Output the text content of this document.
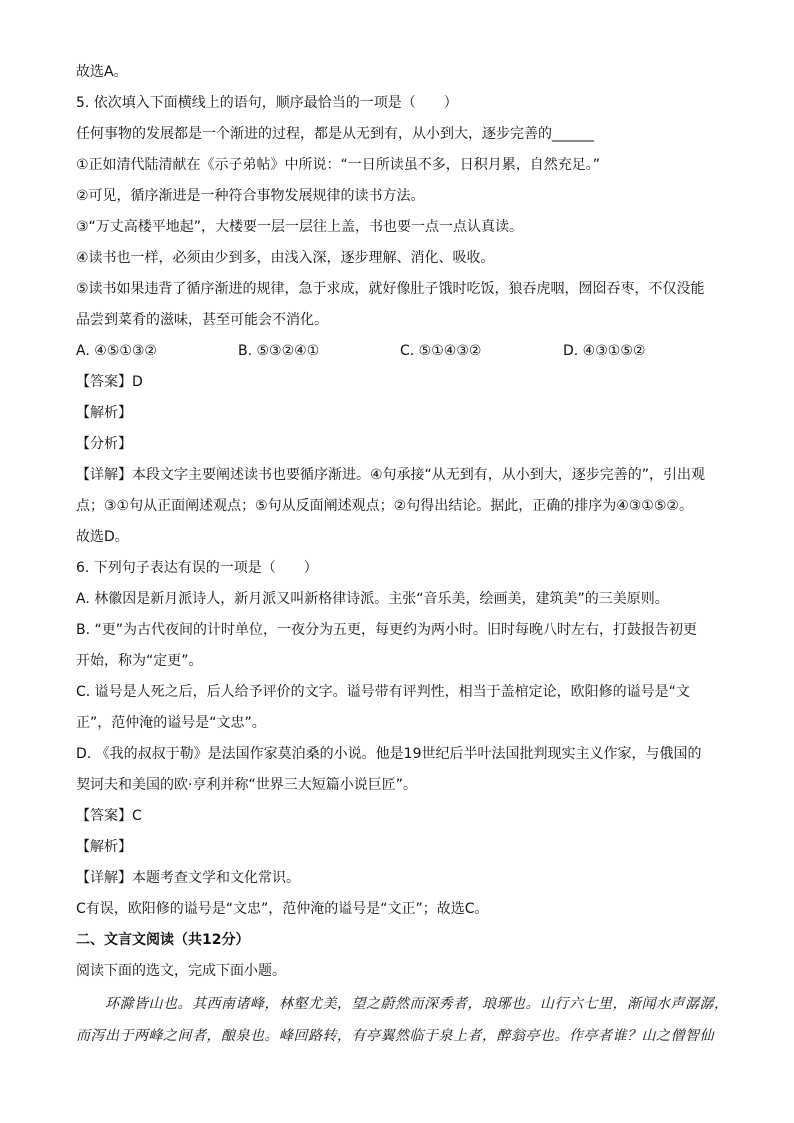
故选A。
5. 依次填入下面横线上的语句，顺序最恰当的一项是（　　）
任何事物的发展都是一个渐进的过程，都是从无到有，从小到大，逐步完善的______
①正如清代陆清献在《示子弟帖》中所说：“一日所读虽不多，日积月累，自然充足。”
②可见，循序渐进是一种符合事物发展规律的读书方法。
③“万丈高楼平地起”，大楼要一层一层往上盖，书也要一点一点认真读。
④读书也一样，必须由少到多，由浅入深，逐步理解、消化、吸收。
⑤读书如果违背了循序渐进的规律，急于求成，就好像肚子饿时吃饭，狼吞虎咽，囫囵吞枣，不仅没能
品尝到菜肴的滋味，甚至可能会不消化。
A. ④⑤①③②	B. ⑤③②④①	C. ⑤①④③②	D. ④③①⑤②
【答案】D
【解析】
【分析】
【详解】本段文字主要阐述读书也要循序渐进。④句承接“从无到有，从小到大，逐步完善的”，引出观
点；③①句从正面阐述观点；⑤句从反面阐述观点；②句得出结论。据此，正确的排序为④③①⑤②。
故选D。
6. 下列句子表达有误的一项是（　　）
A. 林徽因是新月派诗人，新月派又叫新格律诗派。主张“音乐美，绘画美，建筑美”的三美原则。
B. “更”为古代夜间的计时单位，一夜分为五更，每更约为两小时。旧时每晚八时左右，打鼓报告初更
开始，称为“定更”。
C. 谥号是人死之后，后人给予评价的文字。谥号带有评判性，相当于盖棺定论，欧阳修的谥号是“文
正”，范仲淹的谥号是“文忠”。
D. 《我的叔叔于勒》是法国作家莫泊桑的小说。他是19世纪后半叶法国批判现实主义作家，与俄国的
契诃夫和美国的欧·亨利并称“世界三大短篇小说巨匠”。
【答案】C
【解析】
【详解】本题考查文学和文化常识。
C有误，欧阳修的谥号是“文忠”，范仲淹的谥号是“文正”；故选C。
二、文言文阅读（共12分）
阅读下面的选文，完成下面小题。
　　环滁皆山也。其西南诸峰，林壑尤美，望之蔚然而深秀者，琅琊也。山行六七里，渐闻水声潺潺，
而泻出于两峰之间者，酿泉也。峰回路转，有亭翼然临于泉上者，醉翁亭也。作亭者谁？山之僧智仙
